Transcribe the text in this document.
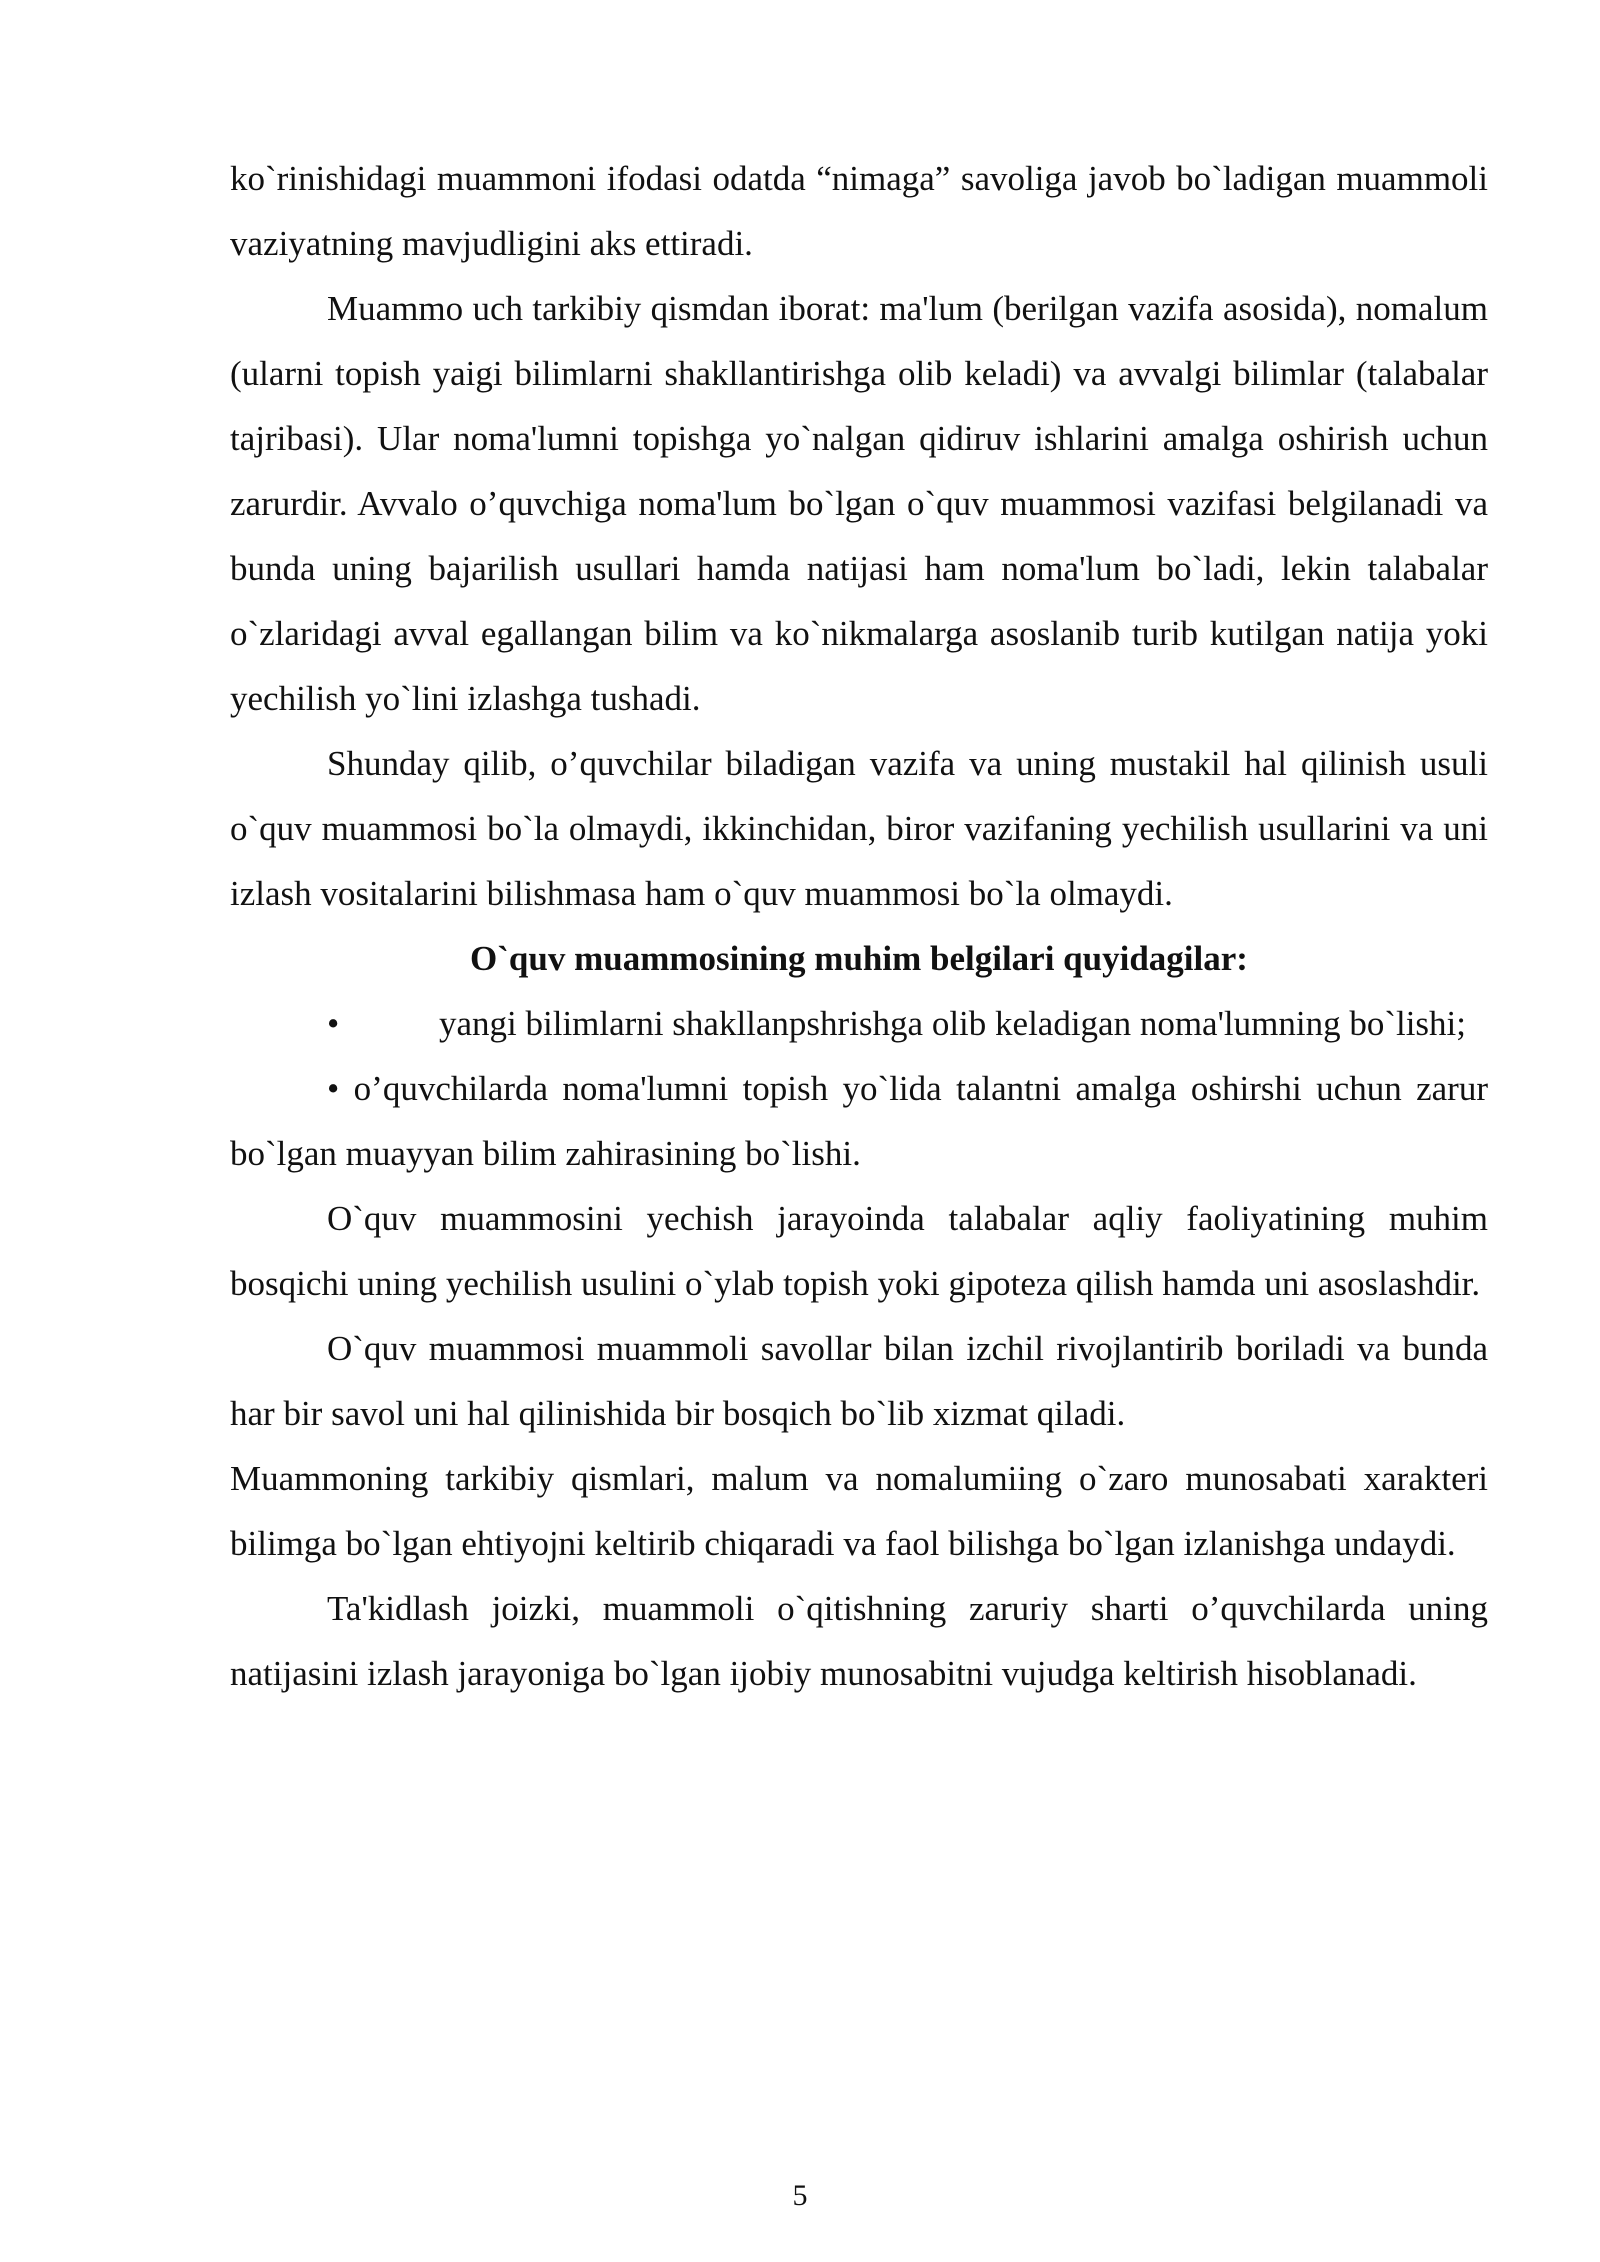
ko`rinishidagi muammoni ifodasi odatda “nimaga” savoliga javob bo`ladigan muammoli vaziyatning mavjudligini aks ettiradi.

Muammo uch tarkibiy qismdan iborat: ma'lum (berilgan vazifa asosida), nomalum (ularni topish yaigi bilimlarni shakllantirishga olib keladi) va avvalgi bilimlar (talabalar tajribasi). Ular noma'lumni topishga yo`nalgan qidiruv ishlarini amalga oshirish uchun zarurdir. Avvalo o’quvchiga noma'lum bo`lgan o`quv muammosi vazifasi belgilanadi va bunda uning bajarilish usullari hamda natijasi ham noma'lum bo`ladi, lekin talabalar o`zlaridagi avval egallangan bilim va ko`nikmalarga asoslanib turib kutilgan natija yoki yechilish yo`lini izlashga tushadi.

Shunday qilib, o’quvchilar biladigan vazifa va uning mustakil hal qilinish usuli o`quv muammosi bo`la olmaydi, ikkinchidan, biror vazifaning yechilish usullarini va uni izlash vositalarini bilishmasa ham o`quv muammosi bo`la olmaydi.

O`quv muammosining muhim belgilari quyidagilar:

•	yangi bilimlarni shakllanpshrishga olib keladigan noma'lumning bo`lishi;

• o’quvchilarda noma'lumni topish yo`lida talantni amalga oshirshi uchun zarur bo`lgan muayyan bilim zahirasining bo`lishi.

O`quv muammosini yechish jarayoinda talabalar aqliy faoliyatining muhim bosqichi uning yechilish usulini o`ylab topish yoki gipoteza qilish hamda uni asoslashdir.

O`quv muammosi muammoli savollar bilan izchil rivojlantirib boriladi va bunda har bir savol uni hal qilinishida bir bosqich bo`lib xizmat qiladi.

Muammoning tarkibiy qismlari, malum va nomalumiing o`zaro munosabati xarakteri bilimga bo`lgan ehtiyojni keltirib chiqaradi va faol bilishga bo`lgan izlanishga undaydi.

Ta'kidlash joizki, muammoli o`qitishning zaruriy sharti o’quvchilarda uning natijasini izlash jarayoniga bo`lgan ijobiy munosabitni vujudga keltirish hisoblanadi.

5
